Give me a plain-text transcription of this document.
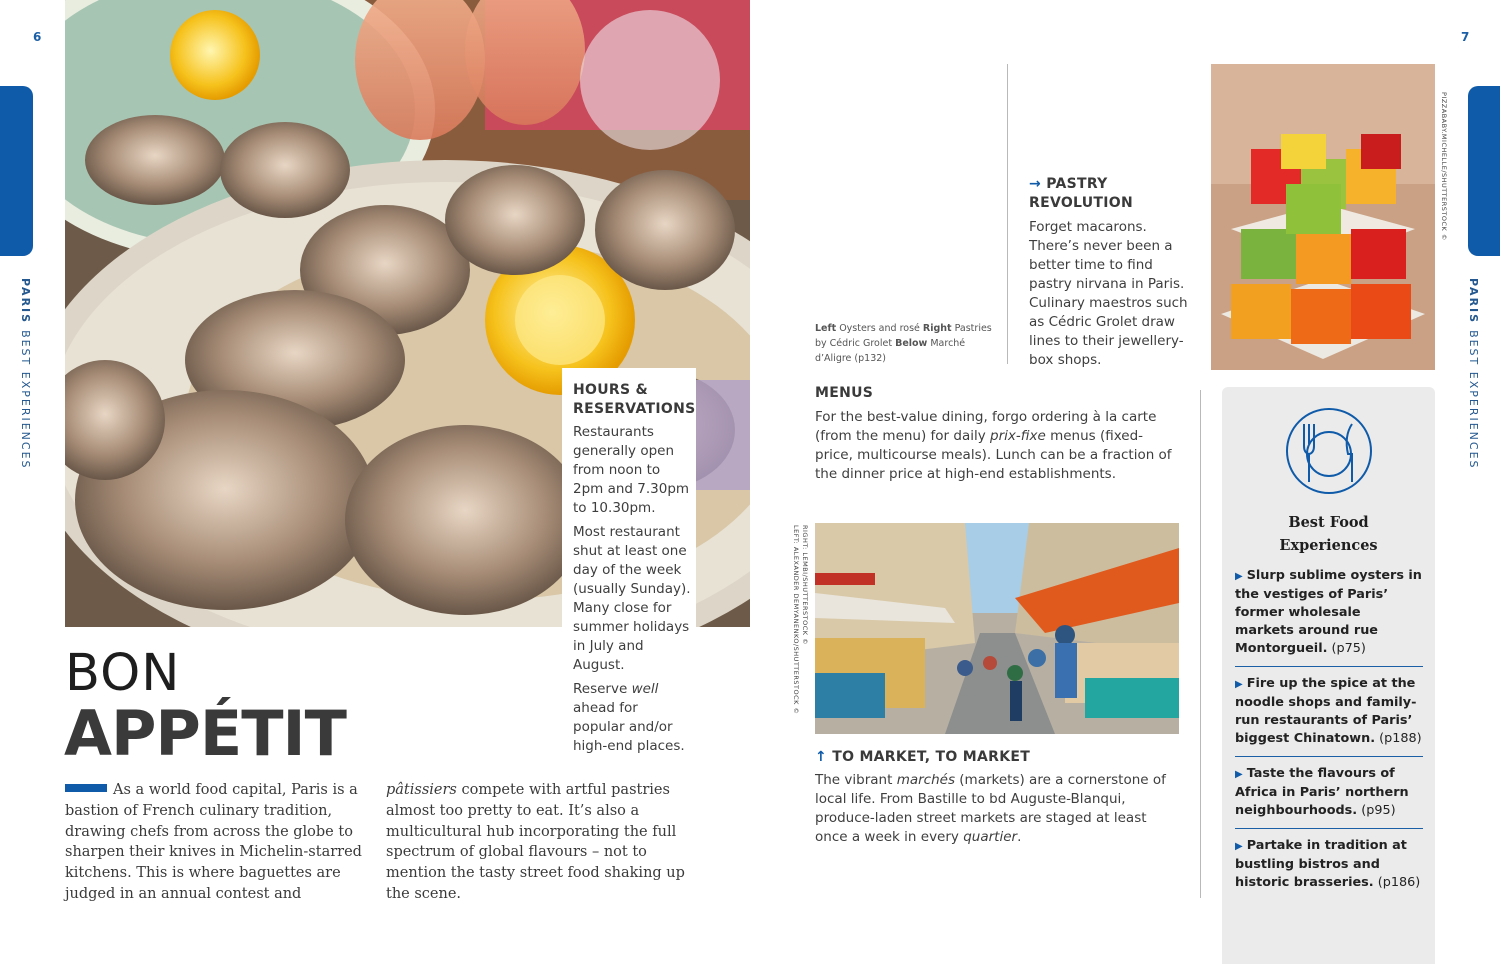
6	7
PARISBEST EXPERIENCES
PARISBEST EXPERIENCES
HOURS & RESERVATIONS
Restaurants generally open from noon to 2pm and 7.30pm to 10.30pm.
Most restaurant shut at least one day of the week (usually Sunday). Many close for summer holidays in July and August.
Reserve well ahead for popular and/or high-end places.
BON
APPÉTIT
As a world food capital, Paris is a bastion of French culinary tradition, drawing chefs from across the globe to sharpen their knives in Michelin-starred kitchens. This is where baguettes are judged in an annual contest and
pâtissiers compete with artful pastries almost too pretty to eat. It’s also a multicultural hub incorporating the full spectrum of global flavours – not to mention the tasty street food shaking up the scene.
Left Oysters and rosé Right Pastries by Cédric Grolet Below Marché d’Aligre (p132)
→ PASTRY REVOLUTION
Forget macarons. There’s never been a better time to find pastry nirvana in Paris. Culinary maestros such as Cédric Grolet draw lines to their jewellery-box shops.
PIZZABABY.MICHELLE/SHUTTERSTOCK ©
MENUS
For the best-value dining, forgo ordering à la carte (from the menu) for daily prix-fixe menus (fixed-price, multicourse meals). Lunch can be a fraction of the dinner price at high-end establishments.
RIGHT: LEMBI/SHUTTERSTOCK ©
LEFT: ALEXANDER DEMYANENKO/SHUTTERSTOCK ©
↑ TO MARKET, TO MARKET
The vibrant marchés (markets) are a cornerstone of local life. From Bastille to bd Auguste-Blanqui, produce-laden street markets are staged at least once a week in every quartier.
Best Food
Experiences
▶ Slurp sublime oysters in the vestiges of Paris’ former wholesale markets around rue Montorgueil. (p75)
▶ Fire up the spice at the noodle shops and family-run restaurants of Paris’ biggest Chinatown. (p188)
▶ Taste the flavours of Africa in Paris’ northern neighbourhoods. (p95)
▶ Partake in tradition at bustling bistros and historic brasseries. (p186)
